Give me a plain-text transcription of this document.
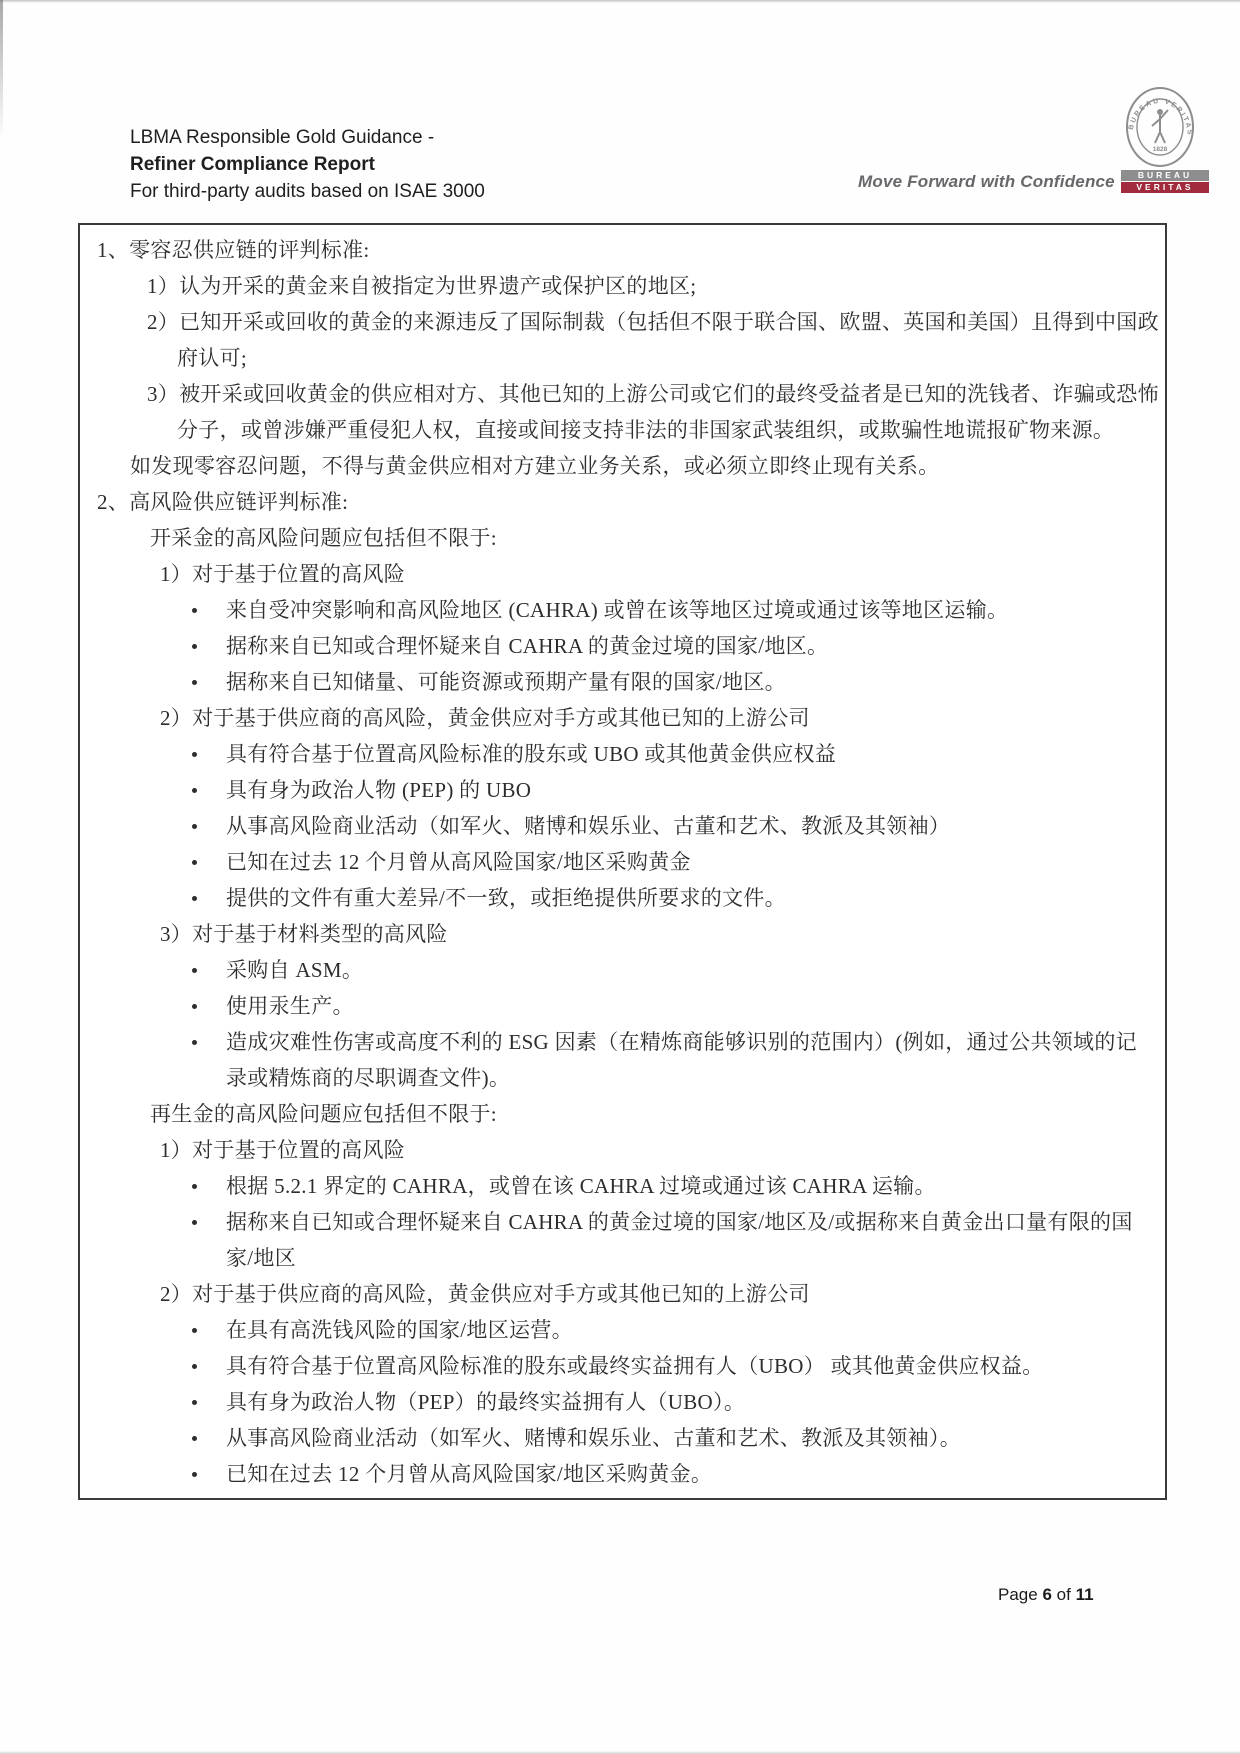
LBMA Responsible Gold Guidance -
Refiner Compliance Report
For third-party audits based on ISAE 3000	Move Forward with Confidence
BUREAU VERITAS
1828
BUREAU
VERITAS
1、零容忍供应链的评判标准:
1）认为开采的黄金来自被指定为世界遗产或保护区的地区;
2）已知开采或回收的黄金的来源违反了国际制裁（包括但不限于联合国、欧盟、英国和美国）且得到中国政
府认可;
3）被开采或回收黄金的供应相对方、其他已知的上游公司或它们的最终受益者是已知的洗钱者、诈骗或恐怖
分子，或曾涉嫌严重侵犯人权，直接或间接支持非法的非国家武装组织，或欺骗性地谎报矿物来源。
如发现零容忍问题，不得与黄金供应相对方建立业务关系，或必须立即终止现有关系。
2、高风险供应链评判标准:
开采金的高风险问题应包括但不限于:
1）对于基于位置的高风险
来自受冲突影响和高风险地区 (CAHRA) 或曾在该等地区过境或通过该等地区运输。
据称来自已知或合理怀疑来自 CAHRA 的黄金过境的国家/地区。
据称来自已知储量、可能资源或预期产量有限的国家/地区。
2）对于基于供应商的高风险，黄金供应对手方或其他已知的上游公司
具有符合基于位置高风险标准的股东或 UBO 或其他黄金供应权益
具有身为政治人物 (PEP) 的 UBO
从事高风险商业活动（如军火、赌博和娱乐业、古董和艺术、教派及其领袖）
已知在过去 12 个月曾从高风险国家/地区采购黄金
提供的文件有重大差异/不一致，或拒绝提供所要求的文件。
3）对于基于材料类型的高风险
采购自 ASM。
使用汞生产。
造成灾难性伤害或高度不利的 ESG 因素（在精炼商能够识别的范围内）(例如，通过公共领域的记
录或精炼商的尽职调查文件)。
再生金的高风险问题应包括但不限于:
1）对于基于位置的高风险
根据 5.2.1 界定的 CAHRA，或曾在该 CAHRA 过境或通过该 CAHRA 运输。
据称来自已知或合理怀疑来自 CAHRA 的黄金过境的国家/地区及/或据称来自黄金出口量有限的国
家/地区
2）对于基于供应商的高风险，黄金供应对手方或其他已知的上游公司
在具有高洗钱风险的国家/地区运营。
具有符合基于位置高风险标准的股东或最终实益拥有人（UBO） 或其他黄金供应权益。
具有身为政治人物（PEP）的最终实益拥有人（UBO）。
从事高风险商业活动（如军火、赌博和娱乐业、古董和艺术、教派及其领袖）。
已知在过去 12 个月曾从高风险国家/地区采购黄金。
Page 6 of 11
